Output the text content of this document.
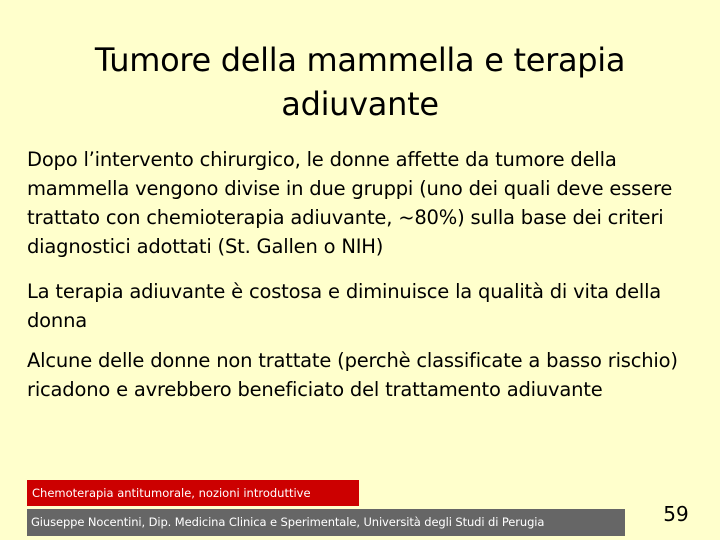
Tumore della mammella e terapia adiuvante
Dopo l’intervento chirurgico, le donne affette da tumore della mammella vengono divise in due gruppi (uno dei quali deve essere trattato con chemioterapia adiuvante, ~80%) sulla base dei criteri diagnostici adottati (St. Gallen o NIH)
La terapia adiuvante è costosa e diminuisce la qualità di vita della donna
Alcune delle donne non trattate (perchè classificate a basso rischio) ricadono e avrebbero beneficiato del trattamento adiuvante
Chemoterapia antitumorale, nozioni introduttive
Giuseppe Nocentini, Dip. Medicina Clinica e Sperimentale, Università degli Studi di Perugia	59
